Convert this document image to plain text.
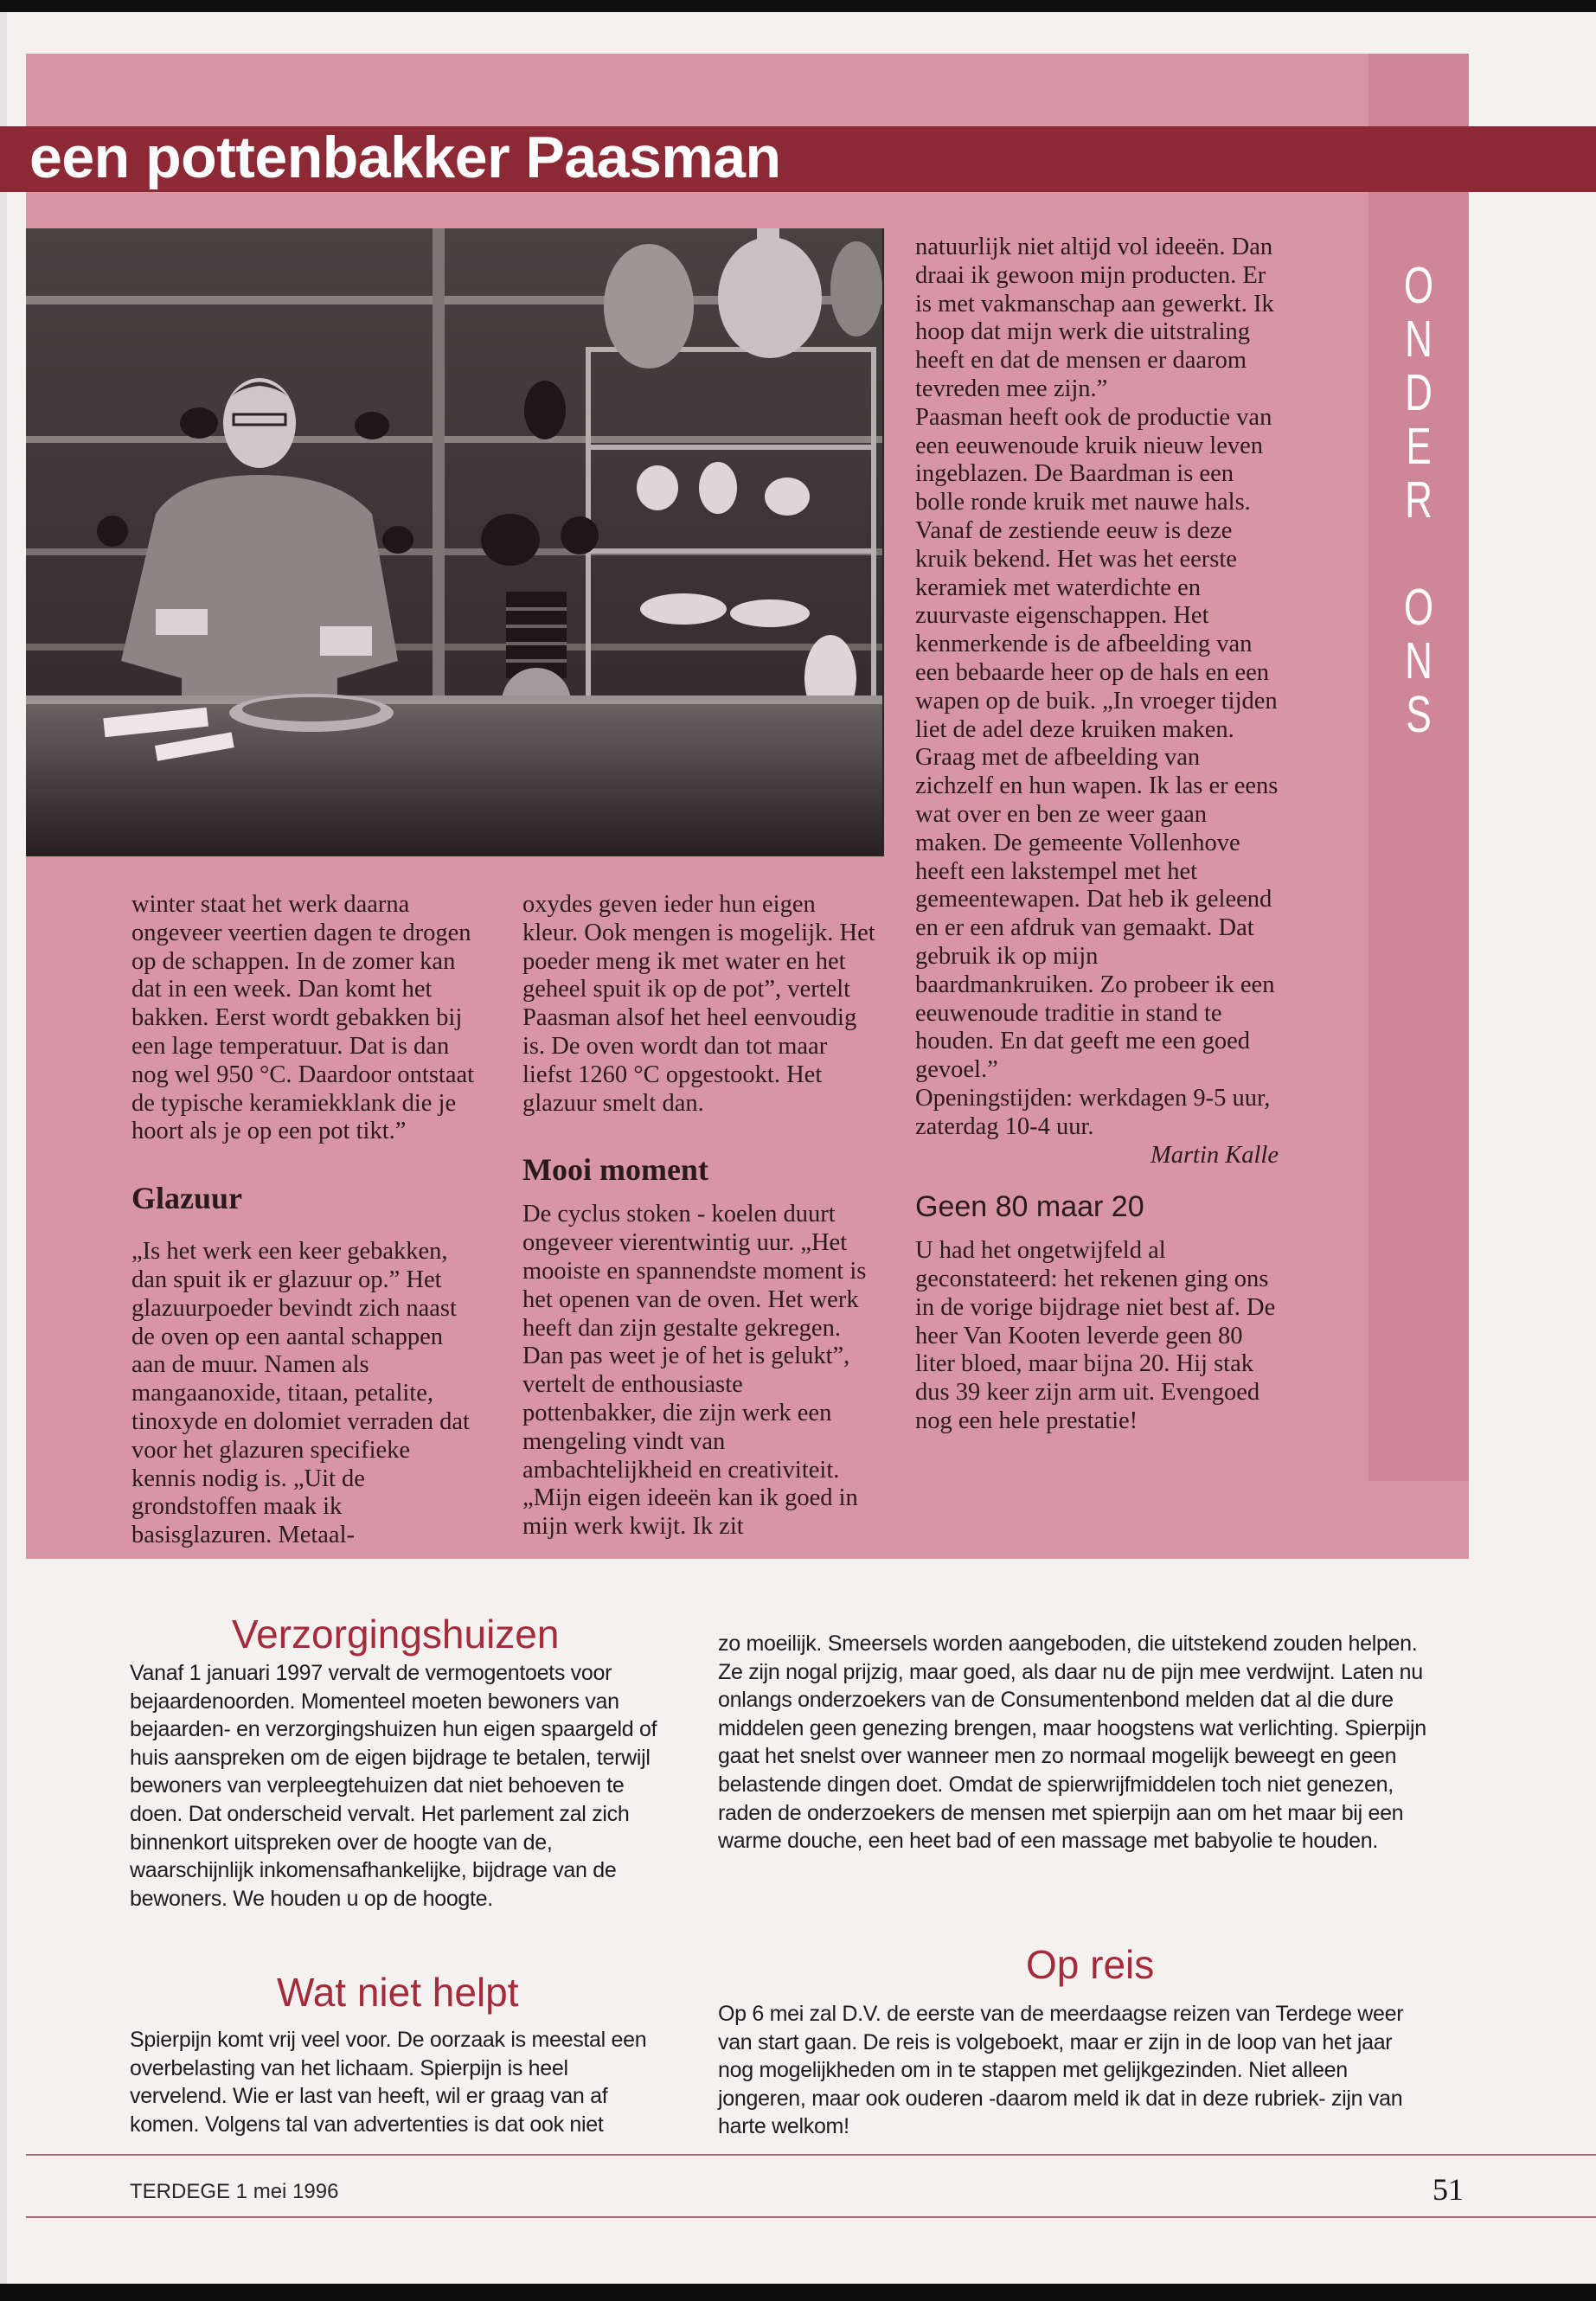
een pottenbakker Paasman

winter staat het werk daarna ongeveer veertien dagen te drogen op de schappen. In de zomer kan dat in een week. Dan komt het bakken. Eerst wordt gebakken bij een lage temperatuur. Dat is dan nog wel 950 °C. Daardoor ontstaat de typische keramiekklank die je hoort als je op een pot tikt.”

Glazuur

„Is het werk een keer gebakken, dan spuit ik er glazuur op.” Het glazuurpoeder bevindt zich naast de oven op een aantal schappen aan de muur. Namen als mangaanoxide, titaan, petalite, tinoxyde en dolomiet verraden dat voor het glazuren specifieke kennis nodig is. „Uit de grondstoffen maak ik basisglazuren. Metaal-

oxydes geven ieder hun eigen kleur. Ook mengen is mogelijk. Het poeder meng ik met water en het geheel spuit ik op de pot”, vertelt Paasman alsof het heel eenvoudig is. De oven wordt dan tot maar liefst 1260 °C opgestookt. Het glazuur smelt dan.

Mooi moment

De cyclus stoken - koelen duurt ongeveer vierentwintig uur. „Het mooiste en spannendste moment is het openen van de oven. Het werk heeft dan zijn gestalte gekregen. Dan pas weet je of het is gelukt”, vertelt de enthousiaste pottenbakker, die zijn werk een mengeling vindt van ambachtelijkheid en creativiteit. „Mijn eigen ideeën kan ik goed in mijn werk kwijt. Ik zit

natuurlijk niet altijd vol ideeën. Dan draai ik gewoon mijn producten. Er is met vakmanschap aan gewerkt. Ik hoop dat mijn werk die uitstraling heeft en dat de mensen er daarom tevreden mee zijn.”

Paasman heeft ook de productie van een eeuwenoude kruik nieuw leven ingeblazen. De Baardman is een bolle ronde kruik met nauwe hals. Vanaf de zestiende eeuw is deze kruik bekend. Het was het eerste keramiek met waterdichte en zuurvaste eigenschappen. Het kenmerkende is de afbeelding van een bebaarde heer op de hals en een wapen op de buik. „In vroeger tijden liet de adel deze kruiken maken. Graag met de afbeelding van zichzelf en hun wapen. Ik las er eens wat over en ben ze weer gaan maken. De gemeente Vollenhove heeft een lakstempel met het gemeentewapen. Dat heb ik geleend en er een afdruk van gemaakt. Dat gebruik ik op mijn baardmankruiken. Zo probeer ik een eeuwenoude traditie in stand te houden. En dat geeft me een goed gevoel.”

Openingstijden: werkdagen 9-5 uur, zaterdag 10-4 uur.

Martin Kalle

Geen 80 maar 20

U had het ongetwijfeld al geconstateerd: het rekenen ging ons in de vorige bijdrage niet best af. De heer Van Kooten leverde geen 80 liter bloed, maar bijna 20. Hij stak dus 39 keer zijn arm uit. Evengoed nog een hele prestatie!

O
N
D
E
R
O
N
S
Verzorgingshuizen

Vanaf 1 januari 1997 vervalt de vermogentoets voor bejaardenoorden. Momenteel moeten bewoners van bejaarden- en verzorgingshuizen hun eigen spaargeld of huis aanspreken om de eigen bijdrage te betalen, terwijl bewoners van verpleegtehuizen dat niet behoeven te doen. Dat onderscheid vervalt. Het parlement zal zich binnenkort uitspreken over de hoogte van de, waarschijnlijk inkomensafhankelijke, bijdrage van de bewoners. We houden u op de hoogte.

Wat niet helpt

Spierpijn komt vrij veel voor. De oorzaak is meestal een overbelasting van het lichaam. Spierpijn is heel vervelend. Wie er last van heeft, wil er graag van af komen. Volgens tal van advertenties is dat ook niet

zo moeilijk. Smeersels worden aangeboden, die uitstekend zouden helpen. Ze zijn nogal prijzig, maar goed, als daar nu de pijn mee verdwijnt. Laten nu onlangs onderzoekers van de Consumentenbond melden dat al die dure middelen geen genezing brengen, maar hoogstens wat verlichting. Spierpijn gaat het snelst over wanneer men zo normaal mogelijk beweegt en geen belastende dingen doet. Omdat de spierwrijfmiddelen toch niet genezen, raden de onderzoekers de mensen met spierpijn aan om het maar bij een warme douche, een heet bad of een massage met babyolie te houden.

Op reis

Op 6 mei zal D.V. de eerste van de meerdaagse reizen van Terdege weer van start gaan. De reis is volgeboekt, maar er zijn in de loop van het jaar nog mogelijkheden om in te stappen met gelijkgezinden. Niet alleen jongeren, maar ook ouderen -daarom meld ik dat in deze rubriek- zijn van harte welkom!

TERDEGE 1 mei 1996	51
